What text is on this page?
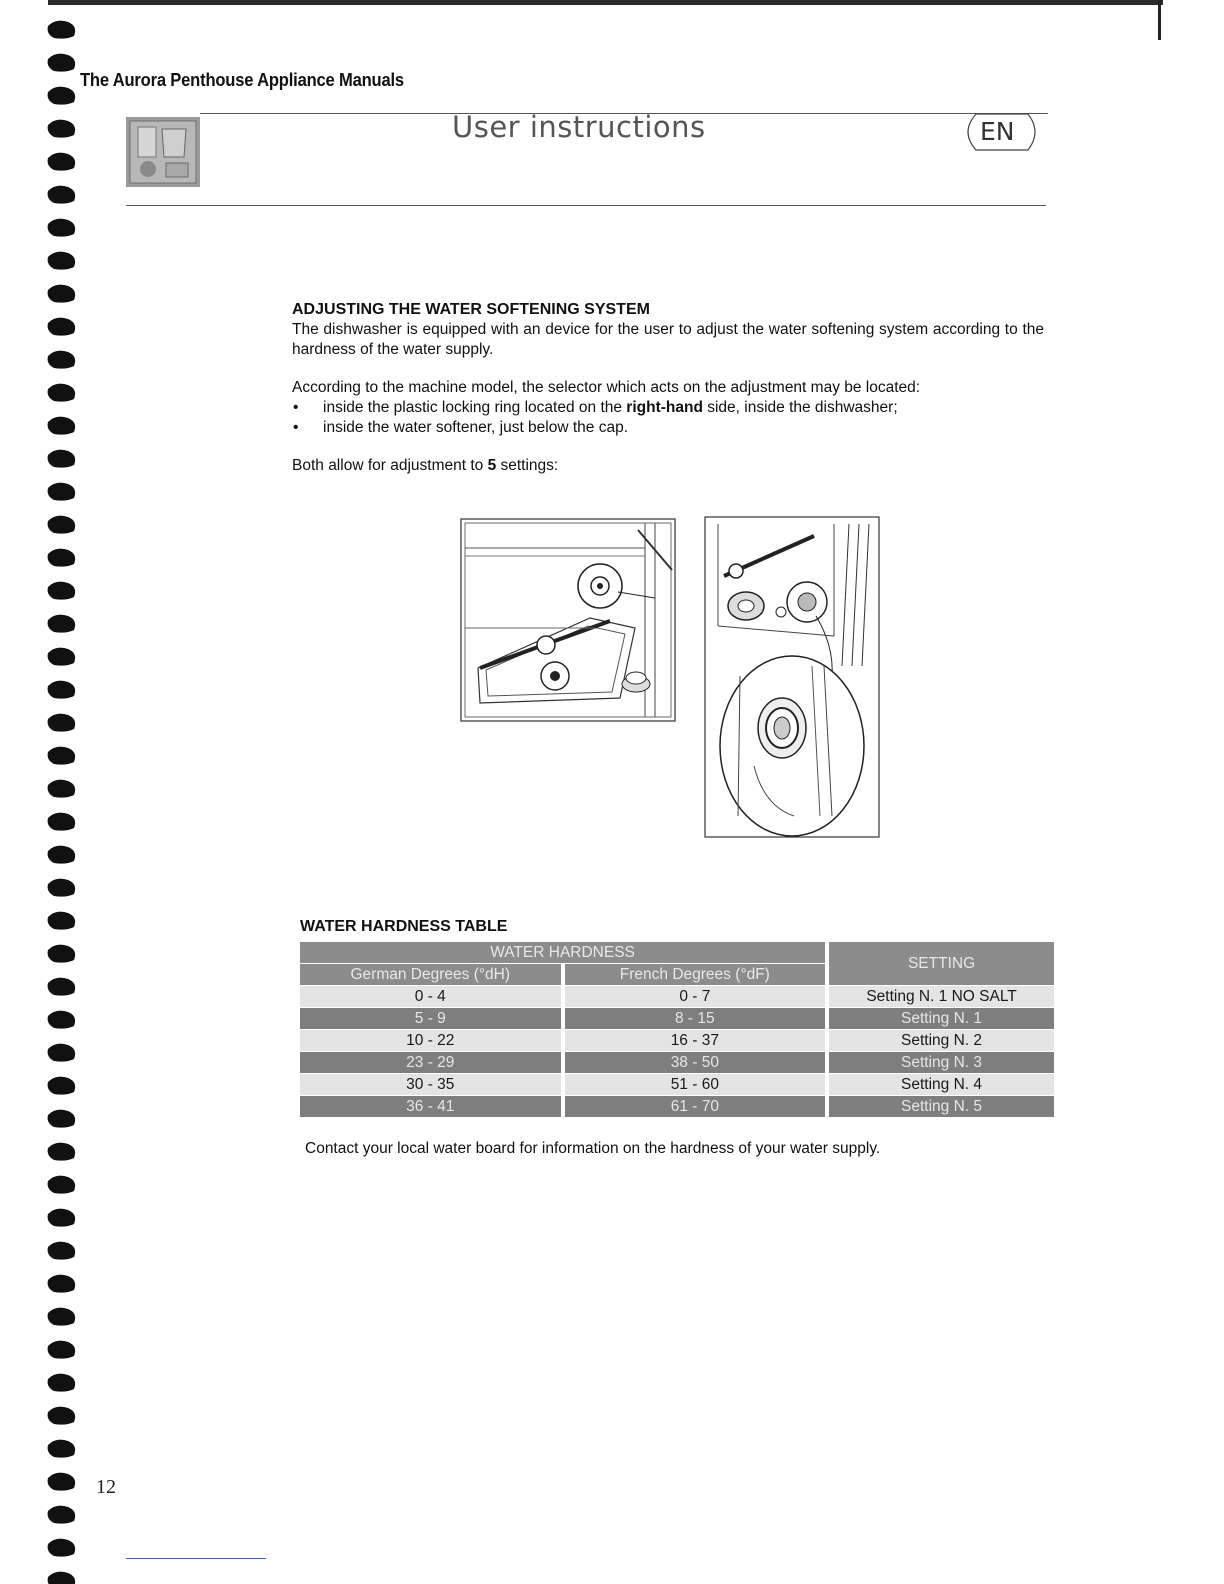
The Aurora Penthouse Appliance Manuals
User instructions	EN
ADJUSTING THE WATER SOFTENING SYSTEM
The dishwasher is equipped with an device for the user to adjust the water softening system according to the hardness of the water supply.
According to the machine model, the selector which acts on the adjustment may be located:
• inside the plastic locking ring located on the right-hand side, inside the dishwasher;
• inside the water softener, just below the cap.
Both allow for adjustment to 5 settings:
WATER HARDNESS TABLE
WATER HARDNESS		SETTING
German Degrees (°dH)	French Degrees (°dF)	
0 - 4	0 - 7	Setting N. 1 NO SALT
5 - 9	8 - 15	Setting N. 1
10 - 22	16 - 37	Setting N. 2
23 - 29	38 - 50	Setting N. 3
30 - 35	51 - 60	Setting N. 4
36 - 41	61 - 70	Setting N. 5
Contact your local water board for information on the hardness of your water supply.
12
